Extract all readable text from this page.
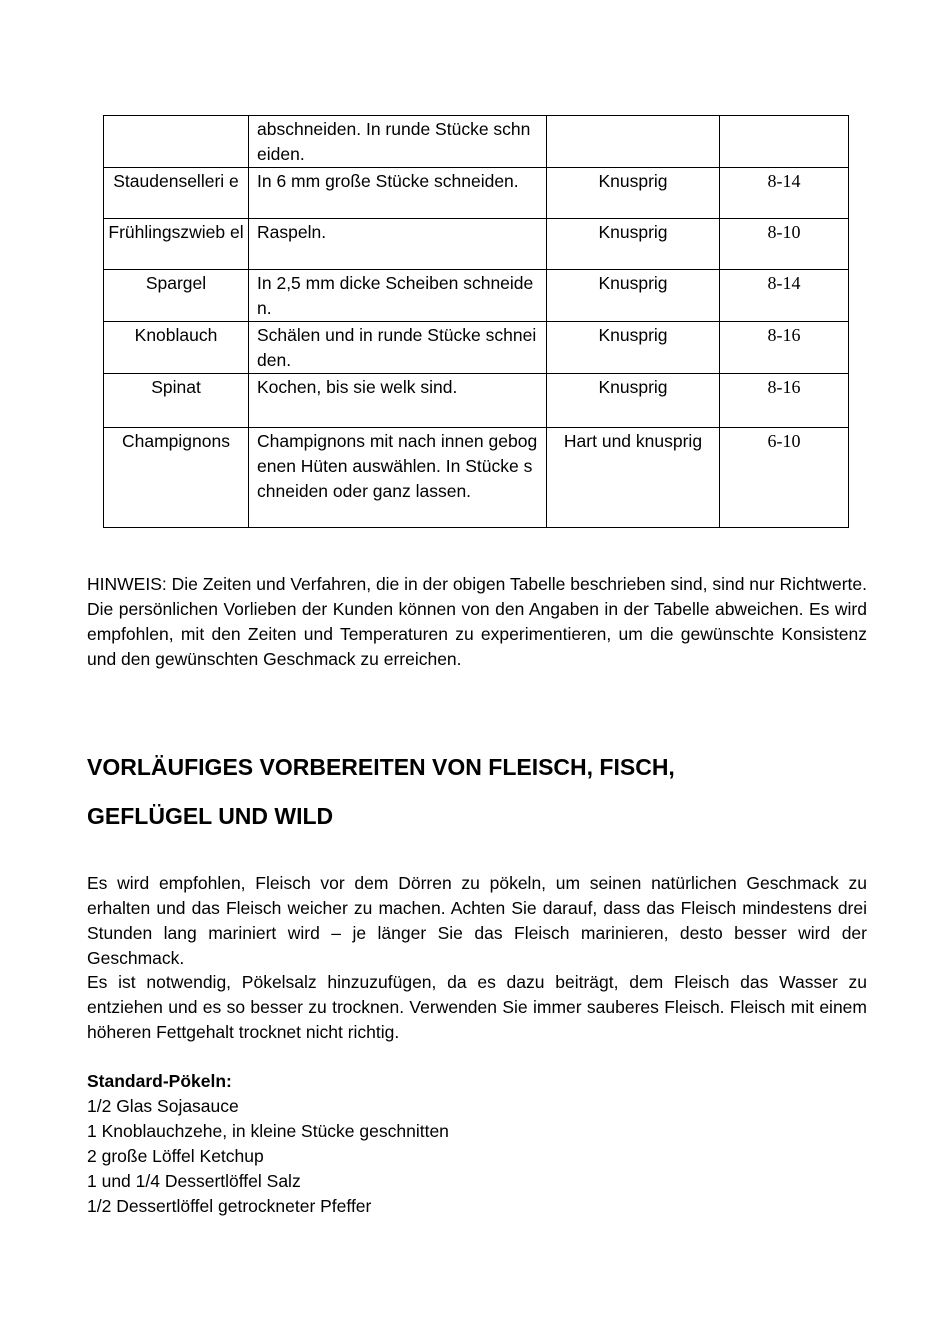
	abschneiden. In runde Stücke schneiden.		
Staudenselleri e	In 6 mm große Stücke schneiden.	Knusprig	8-14
Frühlingszwieb el	Raspeln.	Knusprig	8-10
Spargel	In 2,5 mm dicke Scheiben schneiden.	Knusprig	8-14
Knoblauch	Schälen und in runde Stücke schneiden.	Knusprig	8-16
Spinat	Kochen, bis sie welk sind.	Knusprig	8-16
Champignons	Champignons mit nach innen gebogenen Hüten auswählen. In Stücke schneiden oder ganz lassen.	Hart und knusprig	6-10

HINWEIS: Die Zeiten und Verfahren, die in der obigen Tabelle beschrieben sind, sind nur Richtwerte. Die persönlichen Vorlieben der Kunden können von den Angaben in der Tabelle abweichen. Es wird empfohlen, mit den Zeiten und Temperaturen zu experimentieren, um die gewünschte Konsistenz und den gewünschten Geschmack zu erreichen.

VORLÄUFIGES VORBEREITEN VON FLEISCH, FISCH,
GEFLÜGEL UND WILD

Es wird empfohlen, Fleisch vor dem Dörren zu pökeln, um seinen natürlichen Geschmack zu erhalten und das Fleisch weicher zu machen. Achten Sie darauf, dass das Fleisch mindestens drei Stunden lang mariniert wird – je länger Sie das Fleisch marinieren, desto besser wird der Geschmack.

Es ist notwendig, Pökelsalz hinzuzufügen, da es dazu beiträgt, dem Fleisch das Wasser zu entziehen und es so besser zu trocknen. Verwenden Sie immer sauberes Fleisch. Fleisch mit einem höheren Fettgehalt trocknet nicht richtig.

Standard-Pökeln:
1/2 Glas Sojasauce
1 Knoblauchzehe, in kleine Stücke geschnitten
2 große Löffel Ketchup
1 und 1/4 Dessertlöffel Salz
1/2 Dessertlöffel getrockneter Pfeffer
